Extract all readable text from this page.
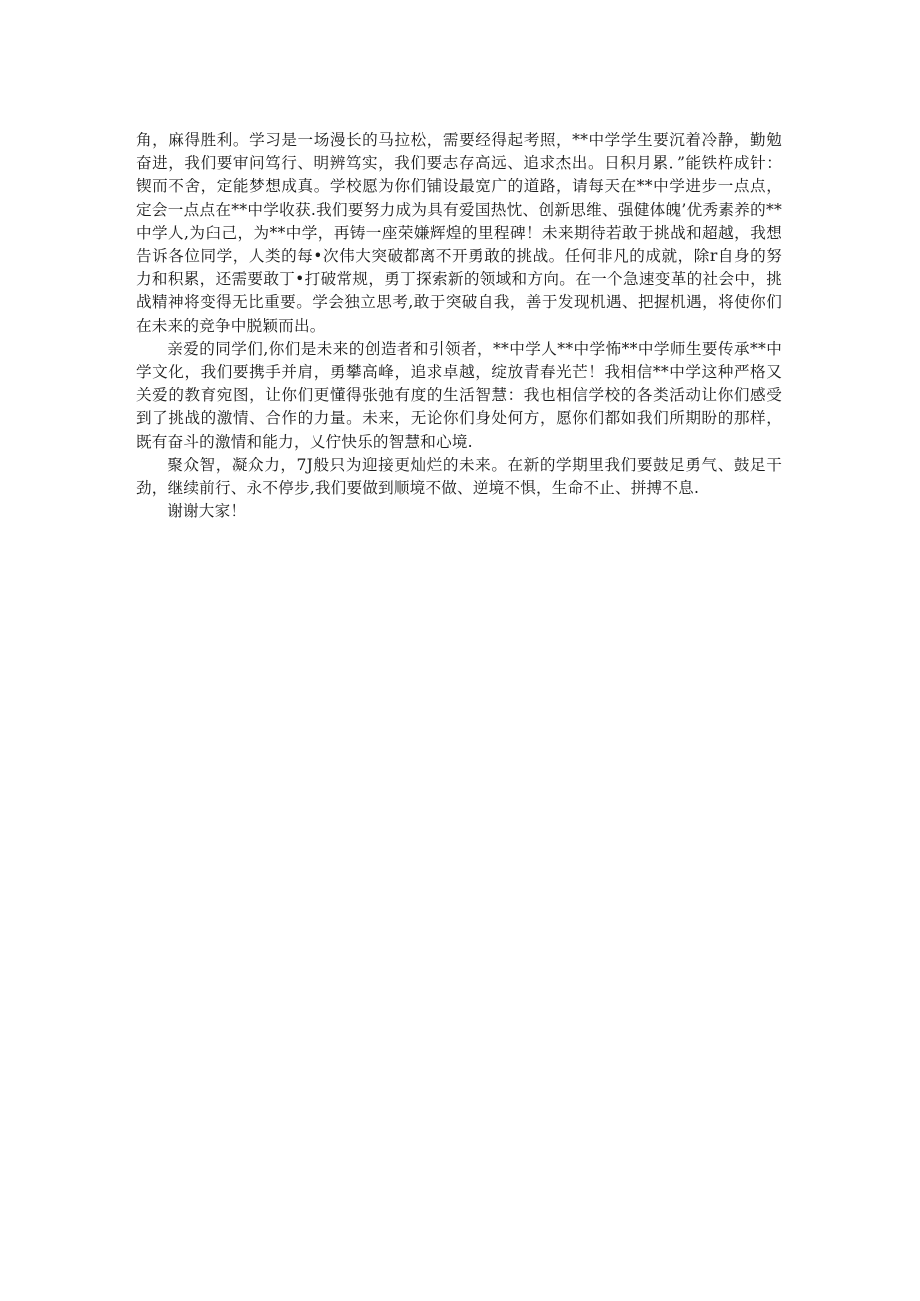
角，麻得胜利。学习是一场漫长的马拉松，需要经得起考照，**中学学生要沉着冷静，勤勉奋进，我们要审问笃行、明辨笃实，我们要志存高远、追求杰出。日积月累．”能铁杵成针：锲而不舍，定能梦想成真。学校愿为你们铺设最宽广的道路，请每天在**中学进步一点点，定会一点点在**中学收获.我们要努力成为具有爱国热忱、创新思维、强健体魄’优秀素养的**中学人,为臼己，为**中学，再铸一座荣嫌辉煌的里程碑！未来期待若敢于挑战和超越，我想告诉各位同学，人类的每•次伟大突破都离不开勇敢的挑战。任何非凡的成就，除r自身的努力和积累，还需要敢丁•打破常规，勇丁探索新的领域和方向。在一个急速变革的社会中，挑战精神将变得无比重要。学会独立思考,敢于突破自我，善于发现机遇、把握机遇，将使你们在未来的竞争中脱颖而出。

亲爱的同学们,你们是未来的创造者和引领者，**中学人**中学怖**中学师生要传承**中学文化，我们要携手并肩，勇攀高峰，追求卓越，绽放青春光芒！我相信**中学这种严格又关爱的教育宛图，让你们更懂得张弛有度的生活智慧：我也相信学校的各类活动让你们感受到了挑战的激情、合作的力量。未来，无论你们身处何方，愿你们都如我们所期盼的那样，既有奋斗的激情和能力，乂佇快乐的智慧和心境.

聚众智，凝众力，7J般只为迎接更灿烂的未来。在新的学期里我们要鼓足勇气、鼓足干劲，继续前行、永不停步,我们要做到顺境不做、逆境不惧，生命不止、拼搏不息.

谢谢大家！
